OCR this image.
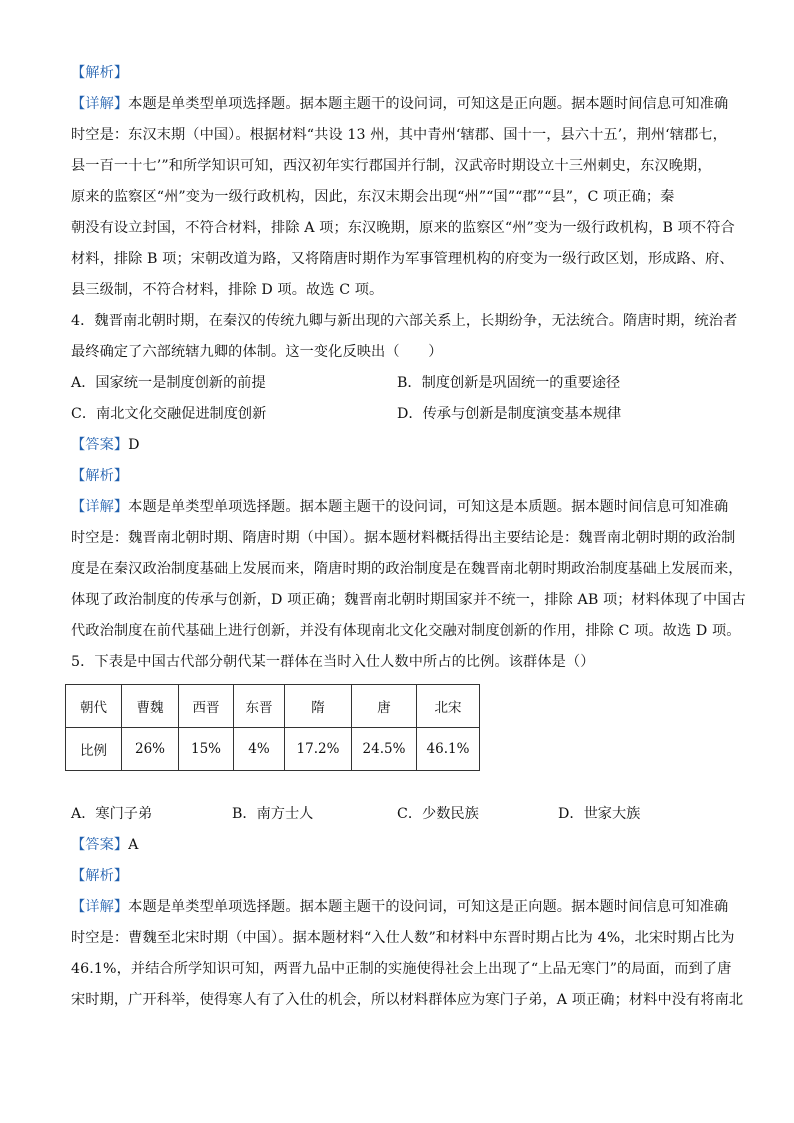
【解析】
【详解】本题是单类型单项选择题。据本题主题干的设问词，可知这是正向题。据本题时间信息可知准确
时空是：东汉末期（中国）。根据材料“共设 13 州，其中青州‘辖郡、国十一，县六十五’，荆州‘辖郡七，
县一百一十七’”和所学知识可知，西汉初年实行郡国并行制，汉武帝时期设立十三州刺史，东汉晚期，
原来的监察区“州”变为一级行政机构，因此，东汉末期会出现“州”“国”“郡”“县”，C 项正确；秦
朝没有设立封国，不符合材料，排除 A 项；东汉晚期，原来的监察区“州”变为一级行政机构，B 项不符合
材料，排除 B 项；宋朝改道为路，又将隋唐时期作为军事管理机构的府变为一级行政区划，形成路、府、
县三级制，不符合材料，排除 D 项。故选 C 项。
4．魏晋南北朝时期，在秦汉的传统九卿与新出现的六部关系上，长期纷争，无法统合。隋唐时期，统治者
最终确定了六部统辖九卿的体制。这一变化反映出（　　）
A．国家统一是制度创新的前提	B．制度创新是巩固统一的重要途径
C．南北文化交融促进制度创新	D．传承与创新是制度演变基本规律
【答案】D
【解析】
【详解】本题是单类型单项选择题。据本题主题干的设问词，可知这是本质题。据本题时间信息可知准确
时空是：魏晋南北朝时期、隋唐时期（中国）。据本题材料概括得出主要结论是：魏晋南北朝时期的政治制
度是在秦汉政治制度基础上发展而来，隋唐时期的政治制度是在魏晋南北朝时期政治制度基础上发展而来，
体现了政治制度的传承与创新，D 项正确；魏晋南北朝时期国家并不统一，排除 AB 项；材料体现了中国古
代政治制度在前代基础上进行创新，并没有体现南北文化交融对制度创新的作用，排除 C 项。故选 D 项。
5．下表是中国古代部分朝代某一群体在当时入仕人数中所占的比例。该群体是（）
朝代	曹魏	西晋	东晋	隋	唐	北宋
比例	26%	15%	4%	17.2%	24.5%	46.1%
A．寒门子弟	B．南方士人	C．少数民族	D．世家大族
【答案】A
【解析】
【详解】本题是单类型单项选择题。据本题主题干的设问词，可知这是正向题。据本题时间信息可知准确
时空是：曹魏至北宋时期（中国）。据本题材料“入仕人数”和材料中东晋时期占比为 4%，北宋时期占比为
46.1%，并结合所学知识可知，两晋九品中正制的实施使得社会上出现了“上品无寒门”的局面，而到了唐
宋时期，广开科举，使得寒人有了入仕的机会，所以材料群体应为寒门子弟，A 项正确；材料中没有将南北
